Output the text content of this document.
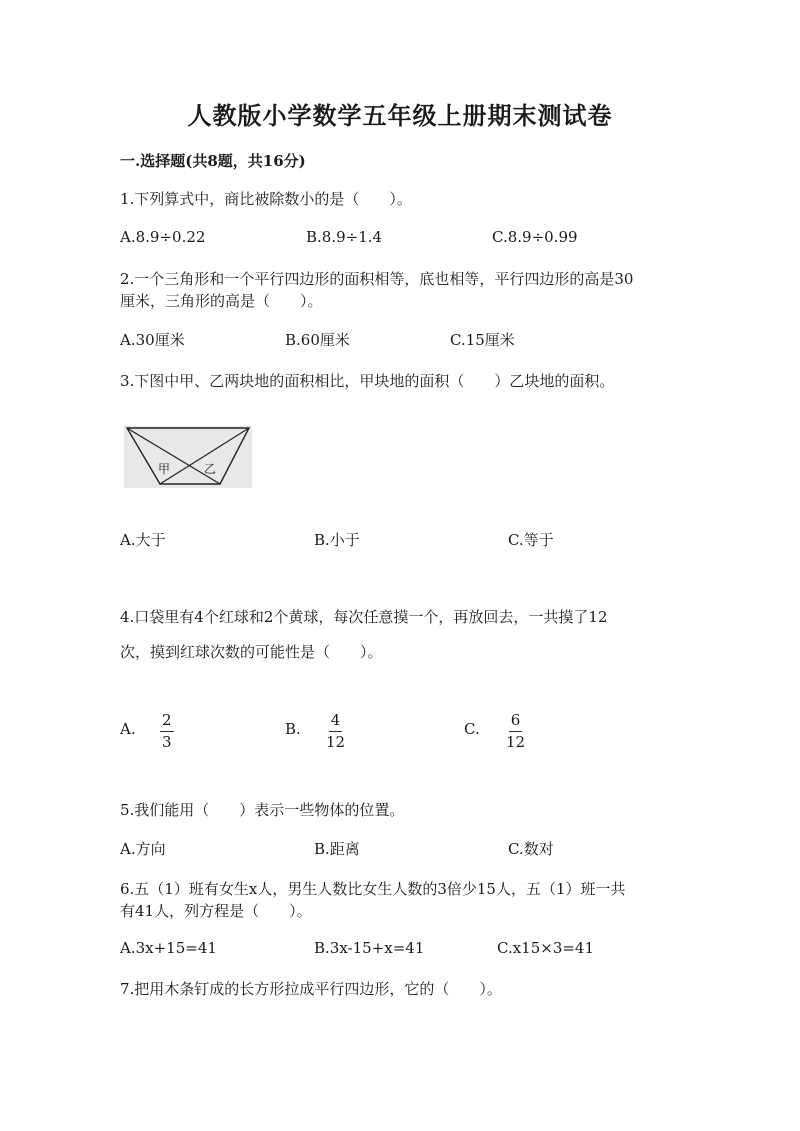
人教版小学数学五年级上册期末测试卷
一.选择题(共8题，共16分)
1.下列算式中，商比被除数小的是（　　）。
A.8.9÷0.22	B.8.9÷1.4	C.8.9÷0.99
2.一个三角形和一个平行四边形的面积相等，底也相等，平行四边形的高是30
厘米，三角形的高是（　　）。
A.30厘米	B.60厘米	C.15厘米
3.下图中甲、乙两块地的面积相比，甲块地的面积（　　）乙块地的面积。
甲	乙
A.大于	B.小于	C.等于
4.口袋里有4个红球和2个黄球，每次任意摸一个，再放回去，一共摸了12
次，摸到红球次数的可能性是（　　）。
A. $\frac{2}{3}$	B. $\frac{4}{12}$	C. $\frac{6}{12}$
5.我们能用（　　）表示一些物体的位置。
A.方向	B.距离	C.数对
6.五（1）班有女生x人，男生人数比女生人数的3倍少15人，五（1）班一共
有41人，列方程是（　　）。
A.3x+15=41	B.3x-15+x=41	C.x15×3=41
7.把用木条钉成的长方形拉成平行四边形，它的（　　）。
